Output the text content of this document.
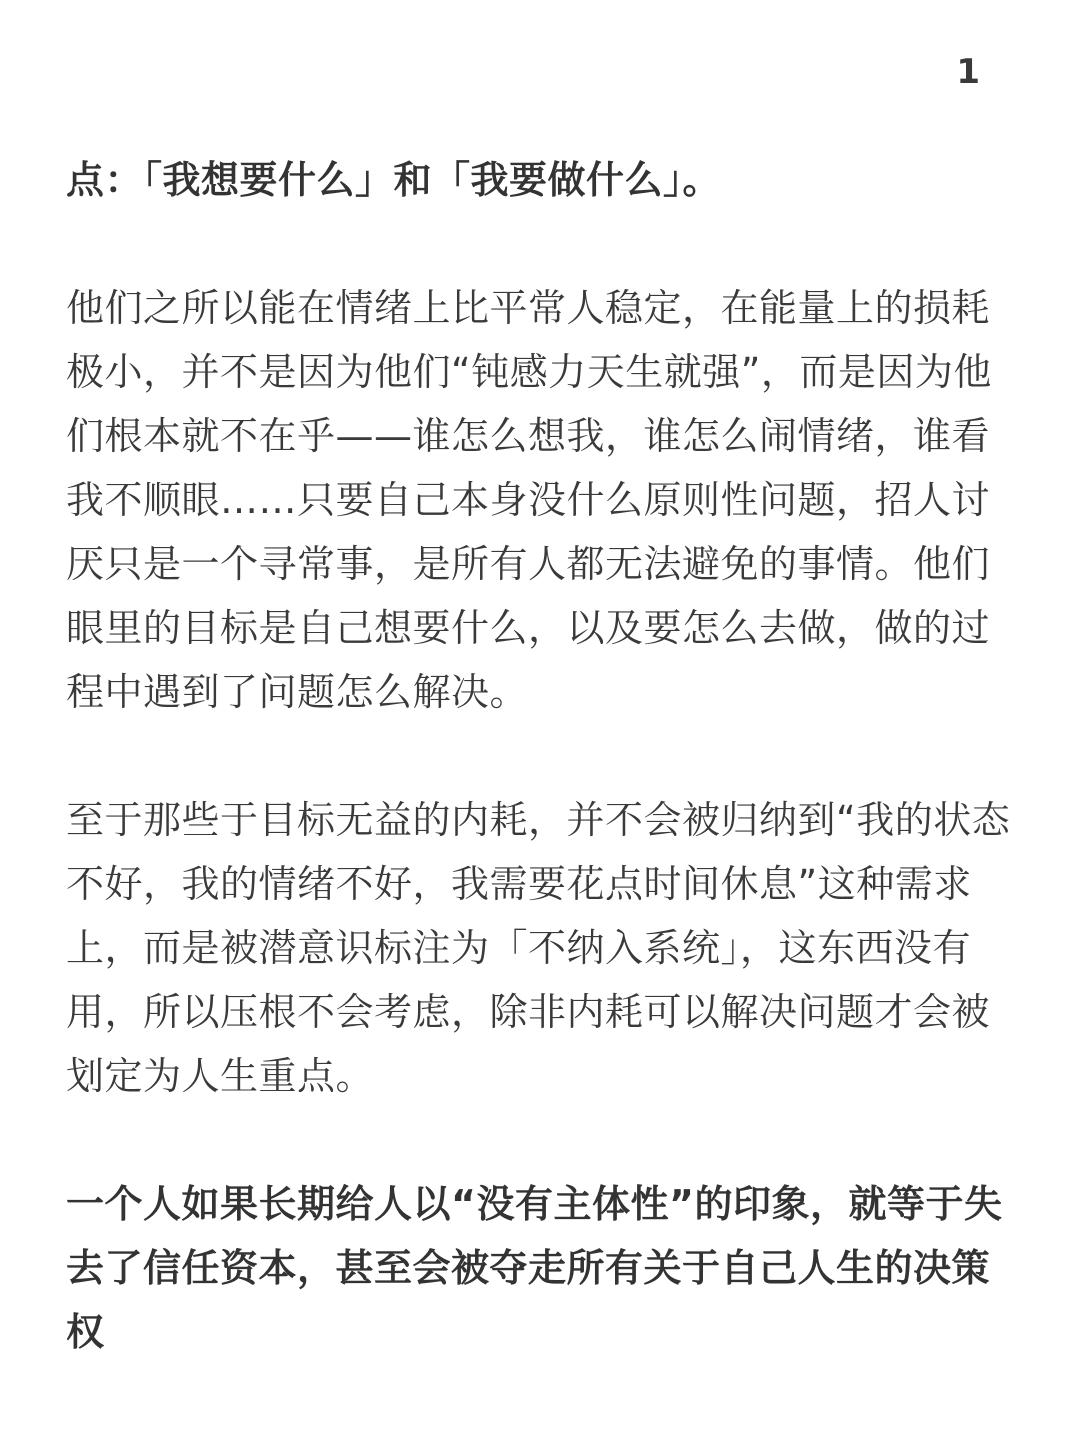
1

点：「我想要什么」和「我要做什么」。

他们之所以能在情绪上比平常人稳定，在能量上的损耗极小，并不是因为他们“钝感力天生就强”，而是因为他们根本就不在乎——谁怎么想我，谁怎么闹情绪，谁看我不顺眼……只要自己本身没什么原则性问题，招人讨厌只是一个寻常事，是所有人都无法避免的事情。他们眼里的目标是自己想要什么，以及要怎么去做，做的过程中遇到了问题怎么解决。

至于那些于目标无益的内耗，并不会被归纳到“我的状态不好，我的情绪不好，我需要花点时间休息”这种需求上，而是被潜意识标注为「不纳入系统」，这东西没有用，所以压根不会考虑，除非内耗可以解决问题才会被划定为人生重点。

一个人如果长期给人以“没有主体性”的印象，就等于失去了信任资本，甚至会被夺走所有关于自己人生的决策权
